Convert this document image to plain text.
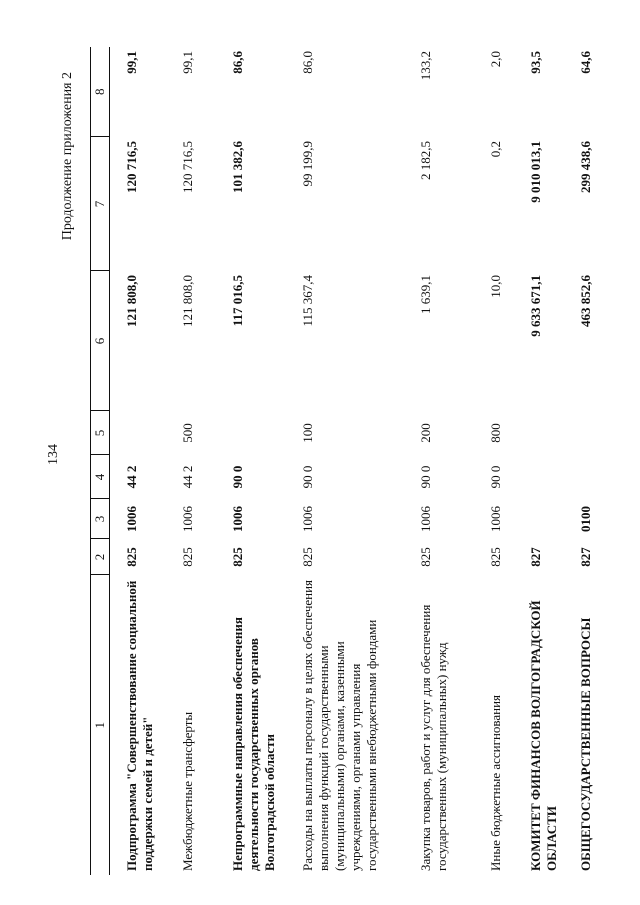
134
Продолжение приложения 2
1	2	3	4	5	6	7	8
Подпрограмма "Совершенствование социальной поддержки семей и детей"	825	1006	44 2		121 808,0	120 716,5	99,1
Межбюджетные трансферты	825	1006	44 2	500	121 808,0	120 716,5	99,1
Непрограммные направления обеспечения деятельности государственных органов Волгоградской области	825	1006	90 0		117 016,5	101 382,6	86,6
Расходы на выплаты персоналу в целях обеспечения выполнения функций государственными (муниципальными) органами, казенными учреждениями, органами управления государственными внебюджетными фондами	825	1006	90 0	100	115 367,4	99 199,9	86,0
Закупка товаров, работ и услуг для обеспечения государственных (муниципальных) нужд	825	1006	90 0	200	1 639,1	2 182,5	133,2
Иные бюджетные ассигнования	825	1006	90 0	800	10,0	0,2	2,0
КОМИТЕТ ФИНАНСОВ ВОЛГОГРАДСКОЙ ОБЛАСТИ	827				9 633 671,1	9 010 013,1	93,5
ОБЩЕГОСУДАРСТВЕННЫЕ ВОПРОСЫ	827	0100			463 852,6	299 438,6	64,6
